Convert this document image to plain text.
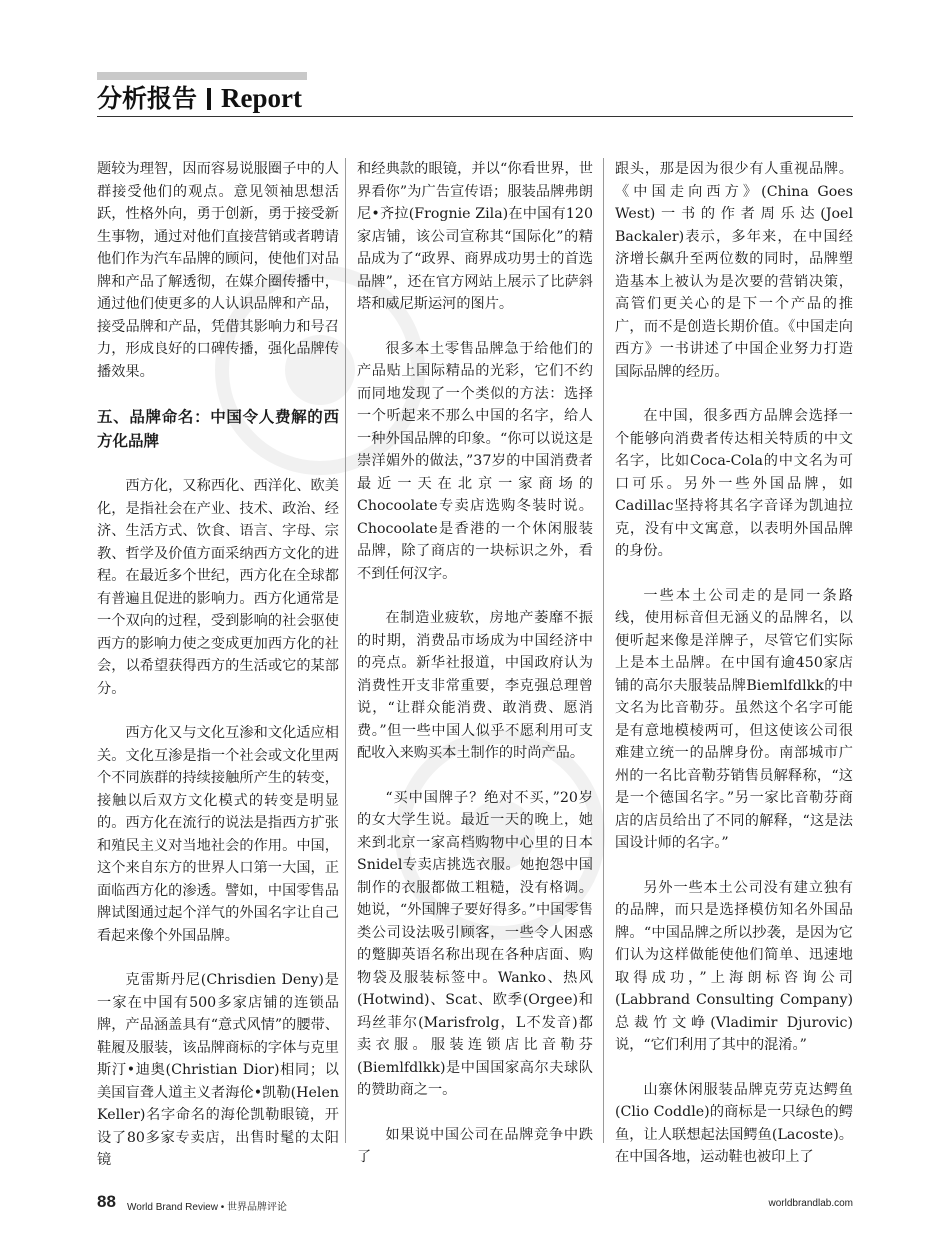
分析报告 Report

题较为理智，因而容易说服圈子中的人群接受他们的观点。意见领袖思想活跃，性格外向，勇于创新，勇于接受新生事物，通过对他们直接营销或者聘请他们作为汽车品牌的顾问，使他们对品牌和产品了解透彻，在媒介圈传播中，通过他们使更多的人认识品牌和产品，接受品牌和产品，凭借其影响力和号召力，形成良好的口碑传播，强化品牌传播效果。

五、品牌命名：中国令人费解的西方化品牌

西方化，又称西化、西洋化、欧美化，是指社会在产业、技术、政治、经济、生活方式、饮食、语言、字母、宗教、哲学及价值方面采纳西方文化的进程。在最近多个世纪，西方化在全球都有普遍且促进的影响力。西方化通常是一个双向的过程，受到影响的社会驱使西方的影响力使之变成更加西方化的社会，以希望获得西方的生活或它的某部分。

西方化又与文化互渗和文化适应相关。文化互渗是指一个社会或文化里两个不同族群的持续接触所产生的转变，接触以后双方文化模式的转变是明显的。西方化在流行的说法是指西方扩张和殖民主义对当地社会的作用。中国，这个来自东方的世界人口第一大国，正面临西方化的渗透。譬如，中国零售品牌试图通过起个洋气的外国名字让自己看起来像个外国品牌。

克雷斯丹尼(Chrisdien Deny)是一家在中国有500多家店铺的连锁品牌，产品涵盖具有“意式风情”的腰带、鞋履及服装，该品牌商标的字体与克里斯汀•迪奥(Christian Dior)相同；以美国盲聋人道主义者海伦•凯勒(Helen Keller)名字命名的海伦凯勒眼镜，开设了80多家专卖店，出售时髦的太阳镜

和经典款的眼镜，并以“你看世界，世界看你”为广告宣传语；服装品牌弗朗尼•齐拉(Frognie Zila)在中国有120家店铺，该公司宣称其“国际化”的精品成为了“政界、商界成功男士的首选品牌”，还在官方网站上展示了比萨斜塔和威尼斯运河的图片。

很多本土零售品牌急于给他们的产品贴上国际精品的光彩，它们不约而同地发现了一个类似的方法：选择一个听起来不那么中国的名字，给人一种外国品牌的印象。“你可以说这是崇洋媚外的做法，”37岁的中国消费者最近一天在北京一家商场的Chocoolate专卖店选购冬装时说。Chocoolate是香港的一个休闲服装品牌，除了商店的一块标识之外，看不到任何汉字。

在制造业疲软，房地产萎靡不振的时期，消费品市场成为中国经济中的亮点。新华社报道，中国政府认为消费性开支非常重要，李克强总理曾说，“让群众能消费、敢消费、愿消费。”但一些中国人似乎不愿利用可支配收入来购买本土制作的时尚产品。

“买中国牌子？绝对不买，”20岁的女大学生说。最近一天的晚上，她来到北京一家高档购物中心里的日本Snidel专卖店挑选衣服。她抱怨中国制作的衣服都做工粗糙，没有格调。她说，“外国牌子要好得多。”中国零售类公司设法吸引顾客，一些令人困惑的蹩脚英语名称出现在各种店面、购物袋及服装标签中。Wanko、热风(Hotwind)、Scat、欧季(Orgee)和玛丝菲尔(Marisfrolg，L不发音)都卖衣服。服装连锁店比音勒芬(Biemlfdlkk)是中国国家高尔夫球队的赞助商之一。

如果说中国公司在品牌竞争中跌了

跟头，那是因为很少有人重视品牌。《中国走向西方》(China Goes West)一书的作者周乐达(Joel Backaler)表示，多年来，在中国经济增长飙升至两位数的同时，品牌塑造基本上被认为是次要的营销决策，高管们更关心的是下一个产品的推广，而不是创造长期价值。《中国走向西方》一书讲述了中国企业努力打造国际品牌的经历。

在中国，很多西方品牌会选择一个能够向消费者传达相关特质的中文名字，比如Coca-Cola的中文名为可口可乐。另外一些外国品牌，如Cadillac坚持将其名字音译为凯迪拉克，没有中文寓意，以表明外国品牌的身份。

一些本土公司走的是同一条路线，使用标音但无涵义的品牌名，以便听起来像是洋牌子，尽管它们实际上是本土品牌。在中国有逾450家店铺的高尔夫服装品牌Biemlfdlkk的中文名为比音勒芬。虽然这个名字可能是有意地模棱两可，但这使该公司很难建立统一的品牌身份。南部城市广州的一名比音勒芬销售员解释称，“这是一个德国名字。”另一家比音勒芬商店的店员给出了不同的解释，“这是法国设计师的名字。”

另外一些本土公司没有建立独有的品牌，而只是选择模仿知名外国品牌。“中国品牌之所以抄袭，是因为它们认为这样做能使他们简单、迅速地取得成功，”上海朗标咨询公司(Labbrand Consulting Company)总裁竹文峥(Vladimir Djurovic)说，“它们利用了其中的混淆。”

山寨休闲服装品牌克劳克达鳄鱼(Clio Coddle)的商标是一只绿色的鳄鱼，让人联想起法国鳄鱼(Lacoste)。在中国各地，运动鞋也被印上了

88 World Brand Review • 世界品牌评论	worldbrandlab.com
